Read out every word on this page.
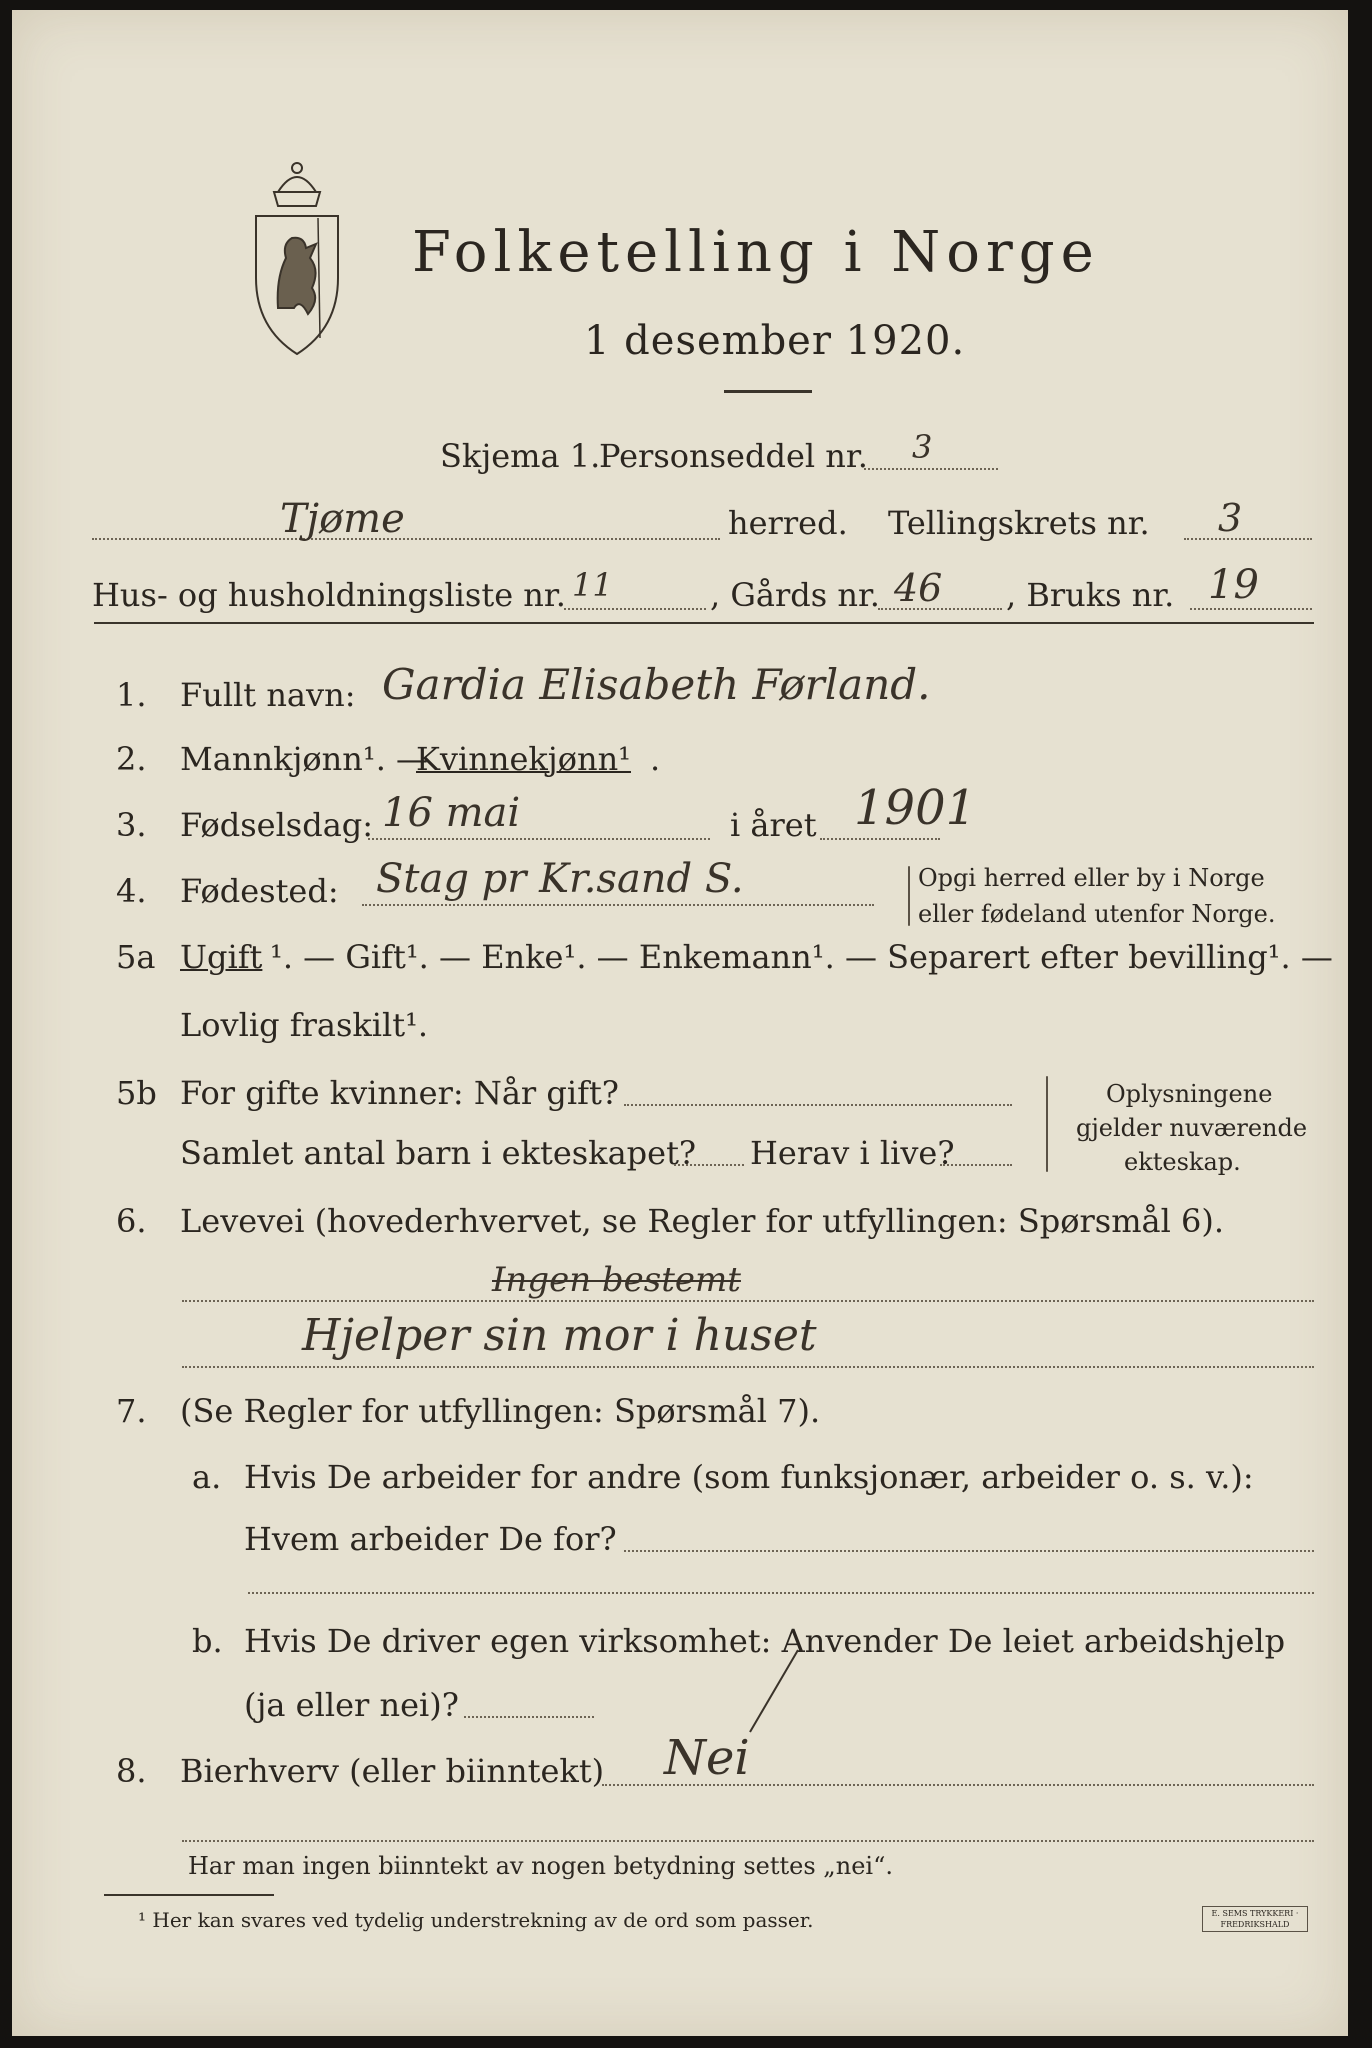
Folketelling i Norge
1 desember 1920.
Skjema 1.
Personseddel nr. 3
Tjøme	herred. Tellingskrets nr. 3
Hus- og husholdningsliste nr. 11	, Gårds nr. 46 , Bruks nr. 19
1. Fullt navn: Gardia Elisabeth Førland.
2. Mannkjønn¹. —
Kvinnekjønn¹ .
3. Fødselsdag: 16 mai	i året 1901
4. Fødested: Stag pr Kr.sand S.	Opgi herred eller by i Norge
eller fødeland utenfor Norge.
5a Ugift ¹. — Gift¹. — Enke¹. — Enkemann¹. — Separert efter bevilling¹. —
Lovlig fraskilt¹.
5b For gifte kvinner: Når gift?
Samlet antal barn i ekteskapet? Herav i live?
Oplysningene
gjelder nuværende
ekteskap.
6. Levevei (hovederhvervet, se Regler for utfyllingen: Spørsmål 6).
Ingen bestemt
Hjelper sin mor i huset
7. (Se Regler for utfyllingen: Spørsmål 7).
a. Hvis De arbeider for andre (som funksjonær, arbeider o. s. v.):
Hvem arbeider De for?
b. Hvis De driver egen virksomhet: Anvender De leiet arbeidshjelp
(ja eller nei)?
8. Bierhverv (eller biinntekt) Nei
Har man ingen biinntekt av nogen betydning settes „nei“.
¹ Her kan svares ved tydelig understrekning av de ord som passer.	E. SEMS TRYKKERI · FREDRIKSHALD
